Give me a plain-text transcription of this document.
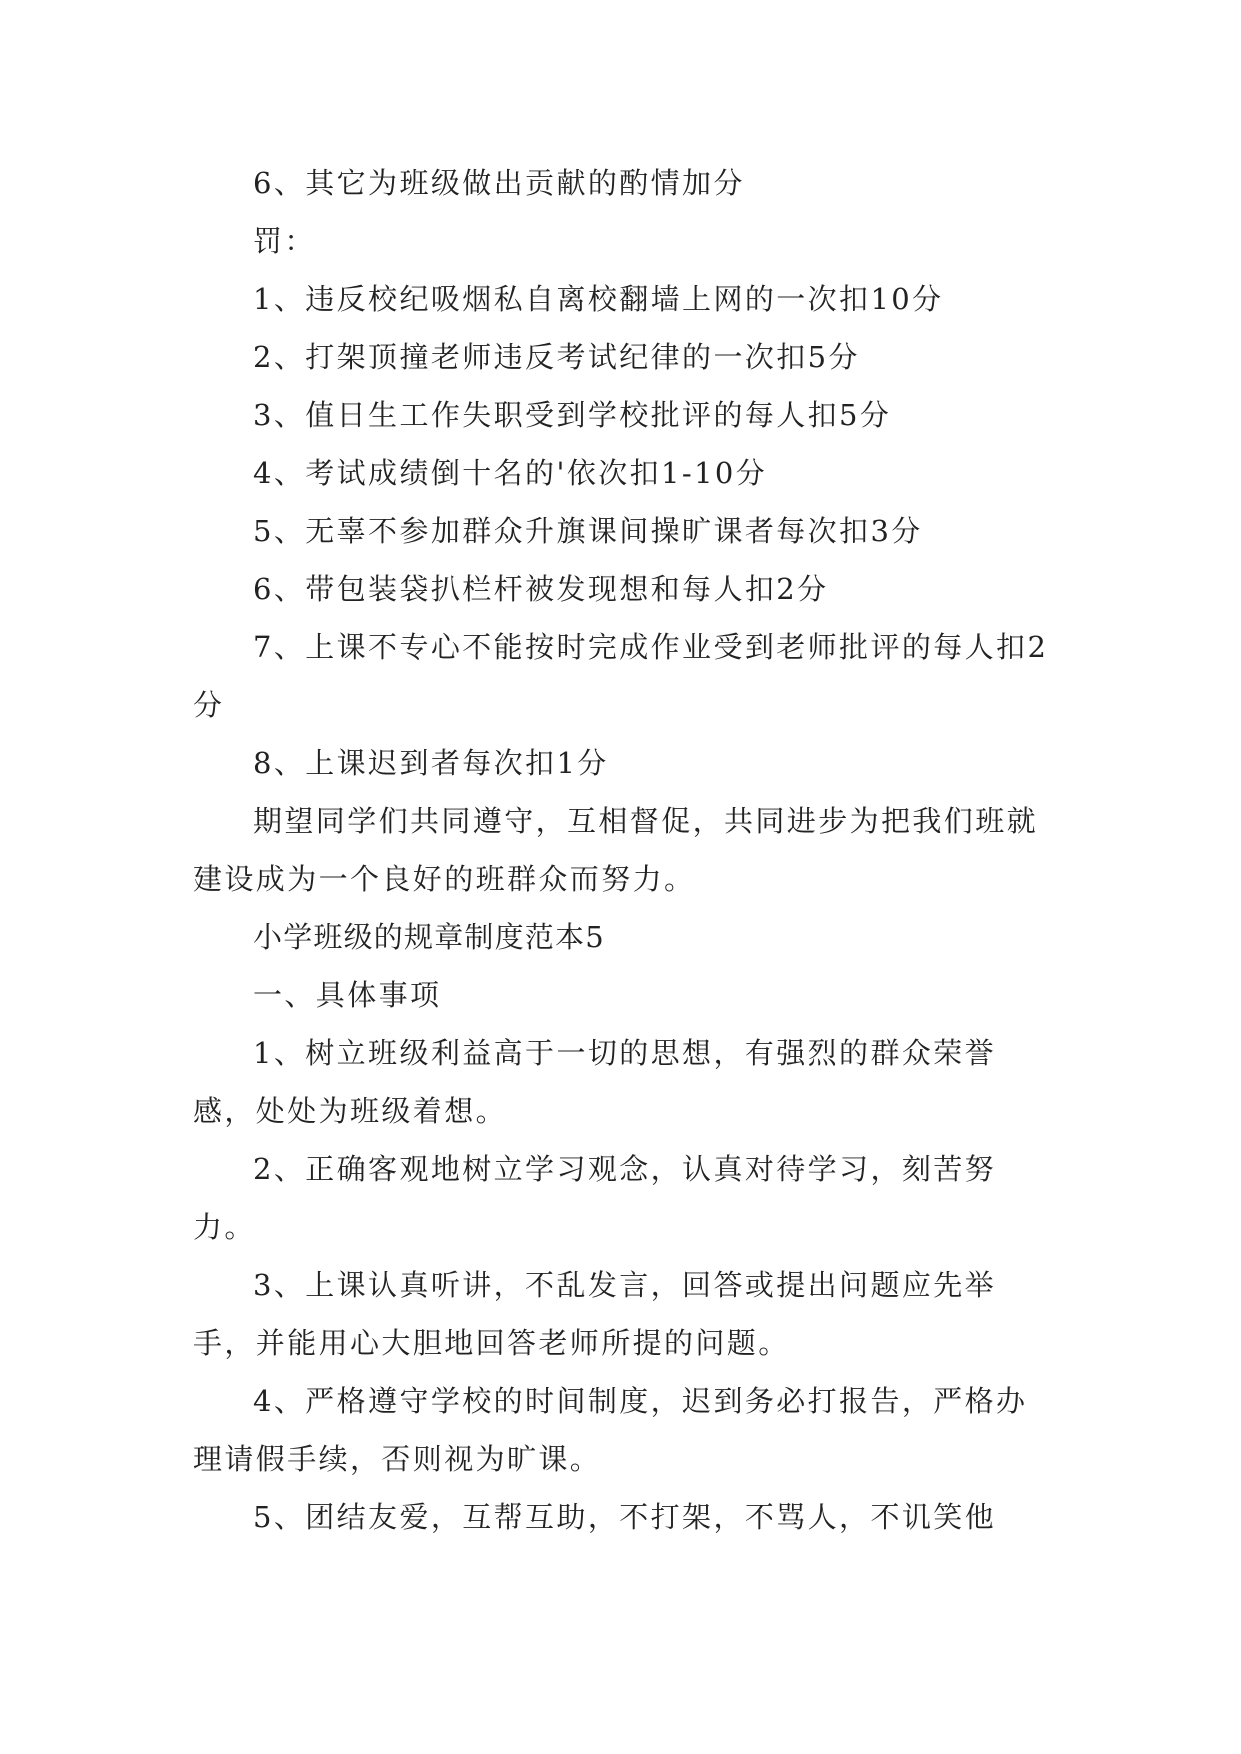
6、其它为班级做出贡献的酌情加分

罚：

1、违反校纪吸烟私自离校翻墙上网的一次扣10分

2、打架顶撞老师违反考试纪律的一次扣5分

3、值日生工作失职受到学校批评的每人扣5分

4、考试成绩倒十名的'依次扣1-10分

5、无辜不参加群众升旗课间操旷课者每次扣3分

6、带包装袋扒栏杆被发现想和每人扣2分

7、上课不专心不能按时完成作业受到老师批评的每人扣2分

8、上课迟到者每次扣1分

期望同学们共同遵守，互相督促，共同进步为把我们班就建设成为一个良好的班群众而努力。

小学班级的规章制度范本5

一、具体事项

1、树立班级利益高于一切的思想，有强烈的群众荣誉感，处处为班级着想。

2、正确客观地树立学习观念，认真对待学习，刻苦努力。

3、上课认真听讲，不乱发言，回答或提出问题应先举手，并能用心大胆地回答老师所提的问题。

4、严格遵守学校的时间制度，迟到务必打报告，严格办理请假手续，否则视为旷课。

5、团结友爱，互帮互助，不打架，不骂人，不讥笑他
